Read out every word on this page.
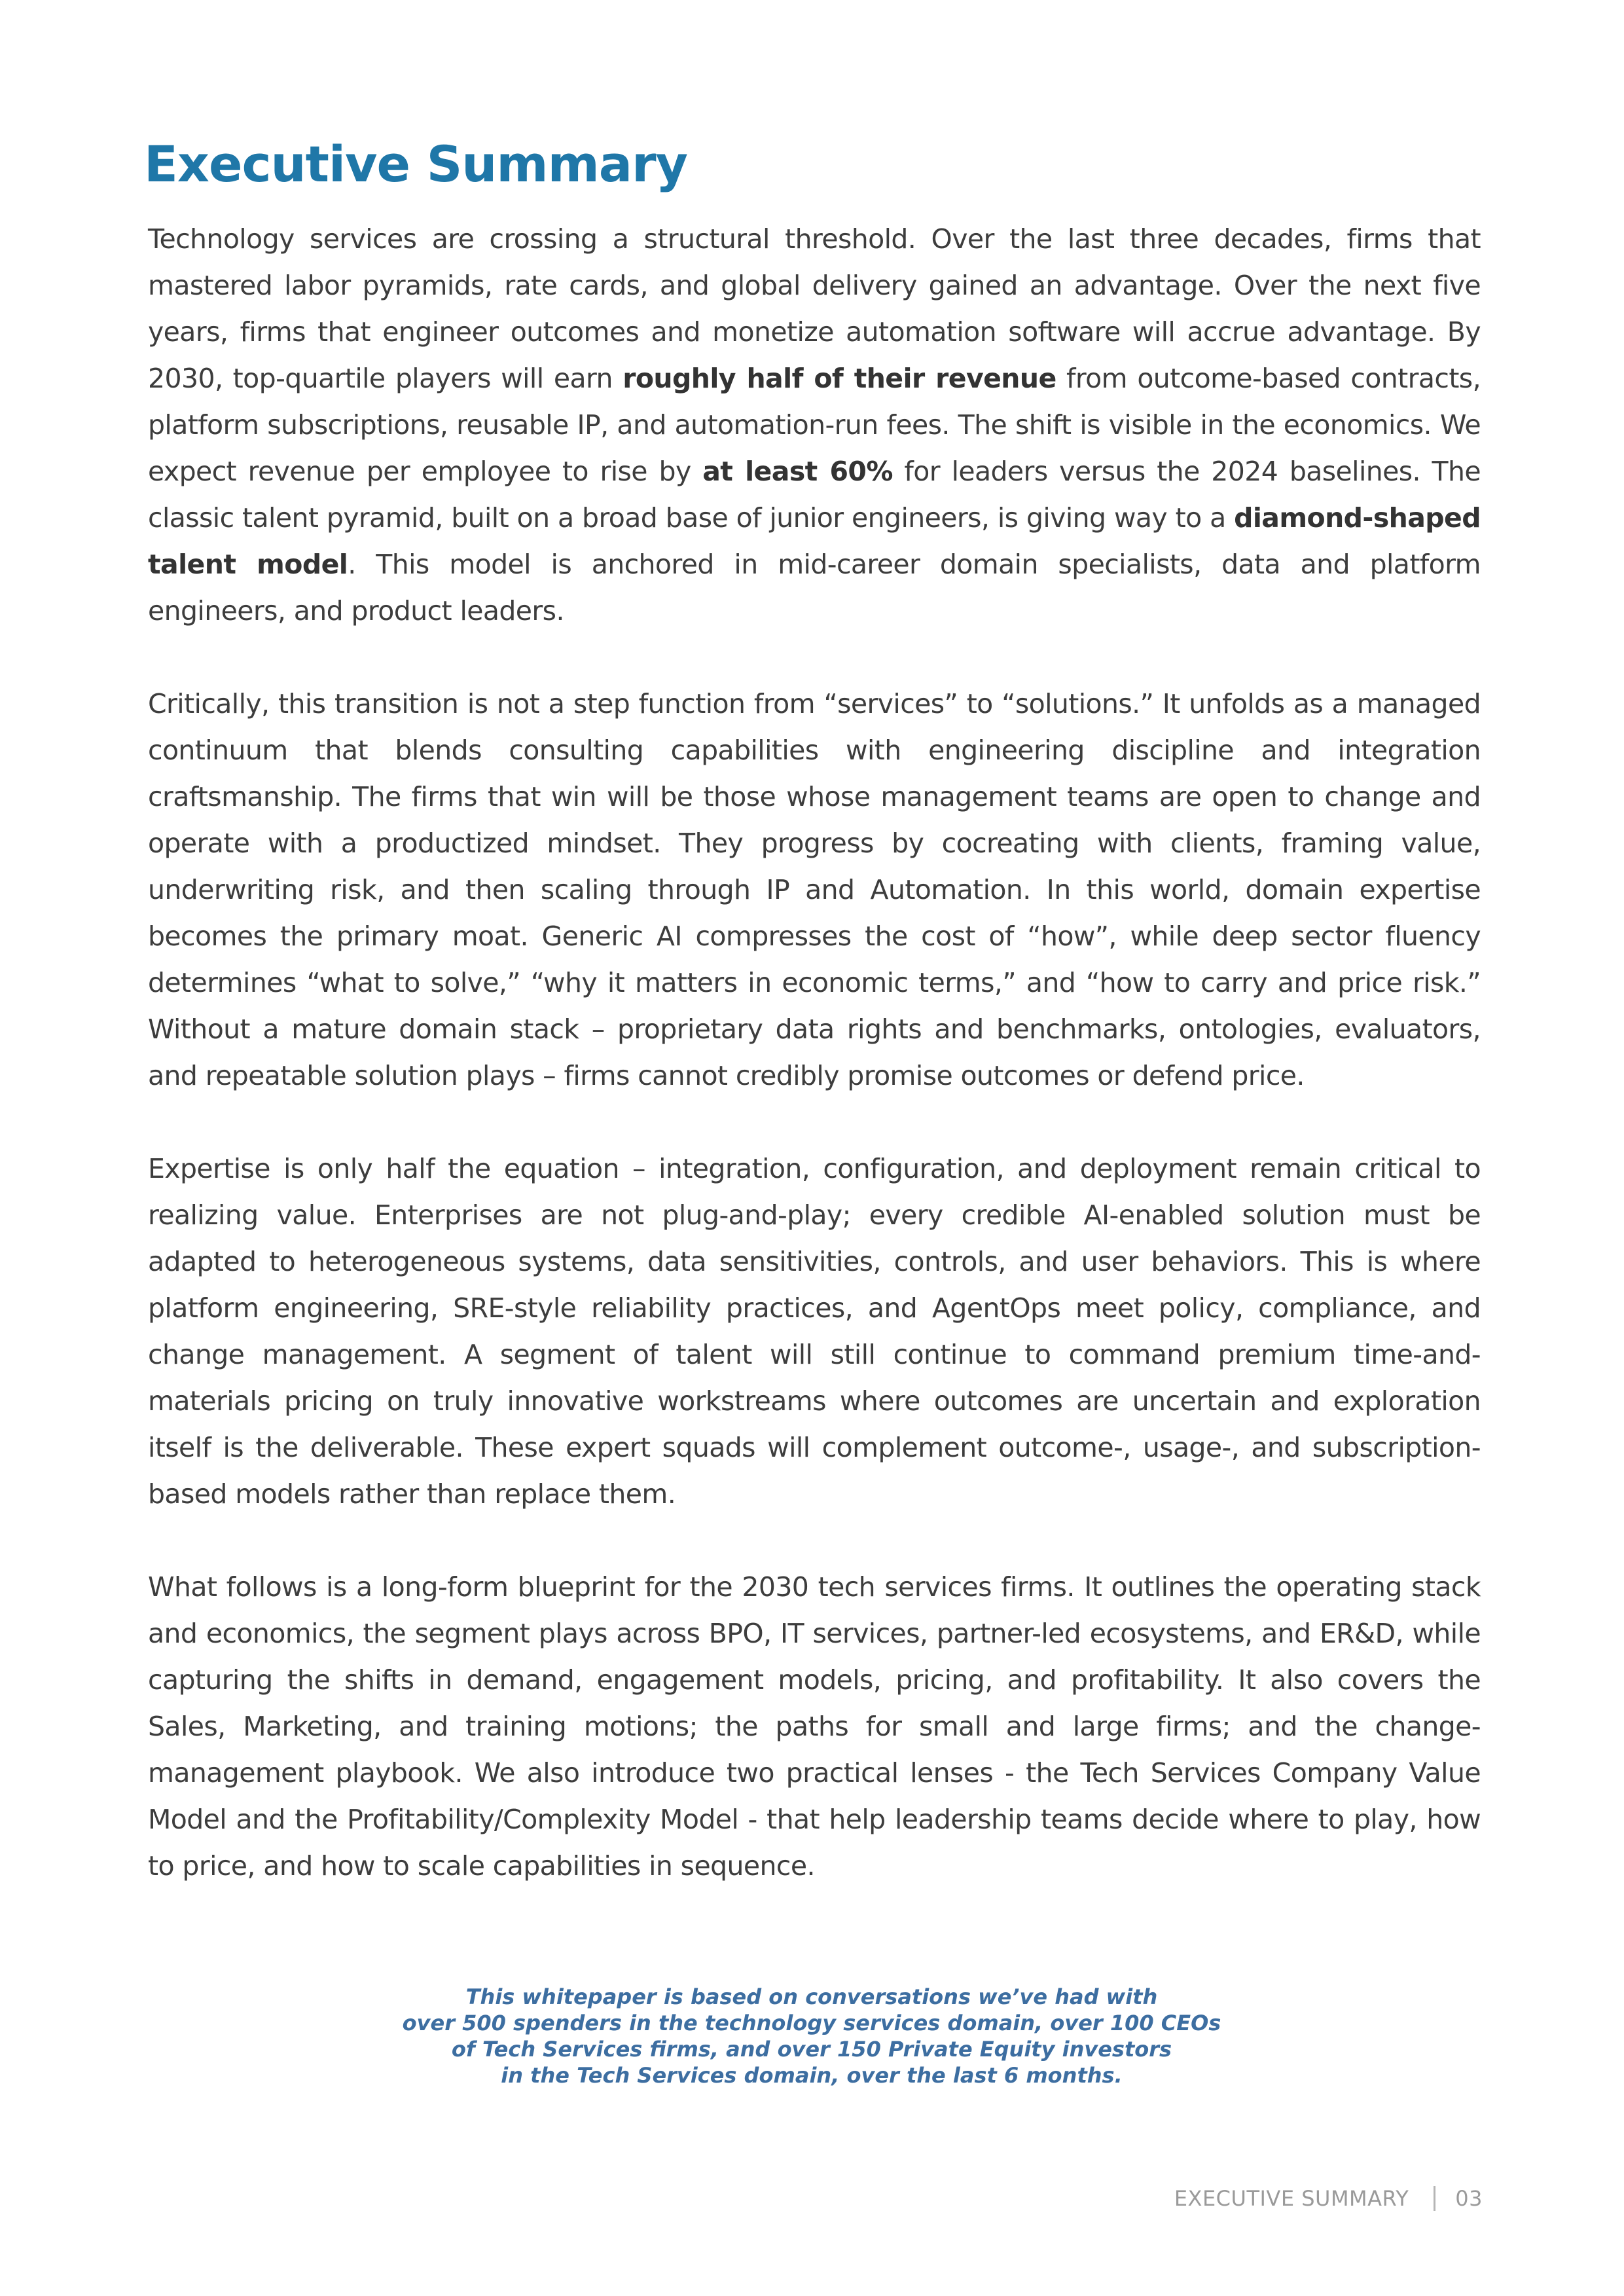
Executive Summary

Technology services are crossing a structural threshold. Over the last three decades, firms that mastered labor pyramids, rate cards, and global delivery gained an advantage. Over the next five years, firms that engineer outcomes and monetize automation software will accrue advantage. By 2030, top-quartile players will earn roughly half of their revenue from outcome-based contracts, platform subscriptions, reusable IP, and automation-run fees. The shift is visible in the economics. We expect revenue per employee to rise by at least 60% for leaders versus the 2024 baselines. The classic talent pyramid, built on a broad base of junior engineers, is giving way to a diamond-shaped talent model. This model is anchored in mid-career domain specialists, data and platform engineers, and product leaders.

Critically, this transition is not a step function from “services” to “solutions.” It unfolds as a managed continuum that blends consulting capabilities with engineering discipline and integration craftsmanship. The firms that win will be those whose management teams are open to change and operate with a productized mindset. They progress by cocreating with clients, framing value, underwriting risk, and then scaling through IP and Automation. In this world, domain expertise becomes the primary moat. Generic AI compresses the cost of “how”, while deep sector fluency determines “what to solve,” “why it matters in economic terms,” and “how to carry and price risk.” Without a mature domain stack – proprietary data rights and benchmarks, ontologies, evaluators, and repeatable solution plays – firms cannot credibly promise outcomes or defend price.

Expertise is only half the equation – integration, configuration, and deployment remain critical to realizing value. Enterprises are not plug-and-play; every credible AI-enabled solution must be adapted to heterogeneous systems, data sensitivities, controls, and user behaviors. This is where platform engineering, SRE-style reliability practices, and AgentOps meet policy, compliance, and change management. A segment of talent will still continue to command premium time-and-materials pricing on truly innovative workstreams where outcomes are uncertain and exploration itself is the deliverable. These expert squads will complement outcome-, usage-, and subscription-based models rather than replace them.

What follows is a long-form blueprint for the 2030 tech services firms. It outlines the operating stack and economics, the segment plays across BPO, IT services, partner-led ecosystems, and ER&D, while capturing the shifts in demand, engagement models, pricing, and profitability. It also covers the Sales, Marketing, and training motions; the paths for small and large firms; and the change-management playbook. We also introduce two practical lenses - the Tech Services Company Value Model and the Profitability/Complexity Model - that help leadership teams decide where to play, how to price, and how to scale capabilities in sequence.

This whitepaper is based on conversations we’ve had with
over 500 spenders in the technology services domain, over 100 CEOs
of Tech Services firms, and over 150 Private Equity investors
in the Tech Services domain, over the last 6 months.
EXECUTIVE SUMMARY 03
